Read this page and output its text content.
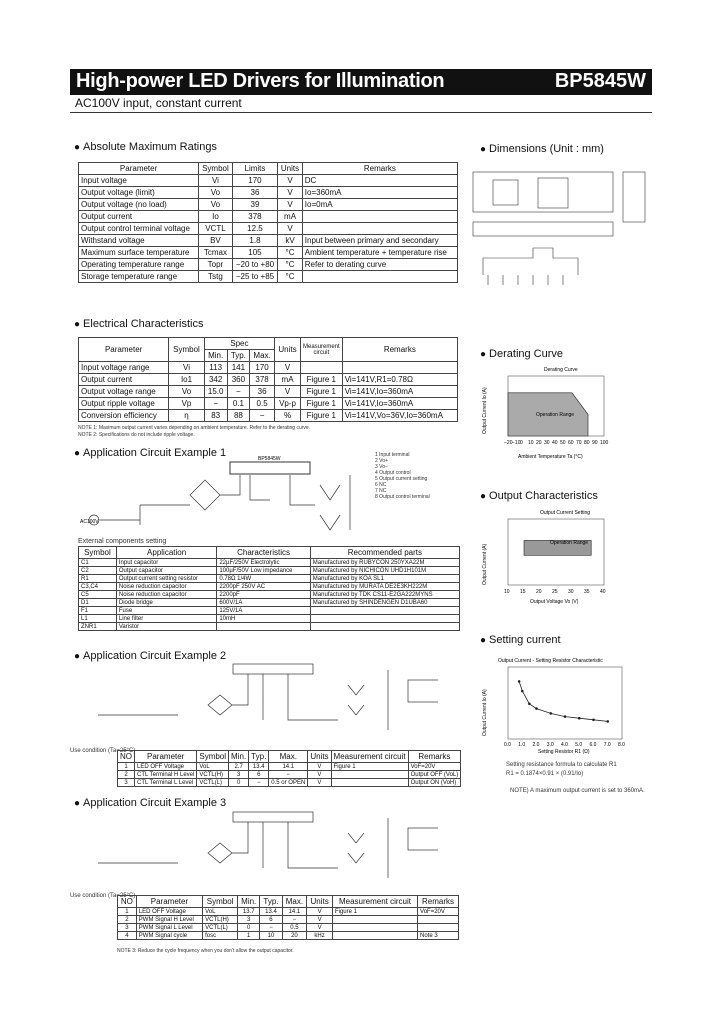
High-power LED Drivers for Illumination	BP5845W
AC100V input, constant current
● Absolute Maximum Ratings
Parameter	Symbol	Limits	Units	Remarks
Input voltage	Vi	170	V	DC
Output voltage (limit)	Vo	36	V	Io=360mA
Output voltage (no load)	Vo	39	V	Io=0mA
Output current	Io	378	mA	
Output control terminal voltage	VCTL	12.5	V	
Withstand voltage	BV	1.8	kV	Input between primary and secondary
Maximum surface temperature	Tcmax	105	°C	Ambient temperature + temperature rise
Operating temperature range	Topr	−20 to +80	°C	Refer to derating curve
Storage temperature range	Tstg	−25 to +85	°C	
● Electrical Characteristics
Parameter	Symbol	Spec			Units	Measurement circuit	Remarks
		Min.	Typ.	Max.			
Input voltage range	Vi	113	141	170	V		
Output current	Io1	342	360	378	mA	Figure 1	Vi=141V,R1=0.78Ω
Output voltage range	Vo	15.0	−	36	V	Figure 1	Vi=141V,Io=360mA
Output ripple voltage	Vp	−	0.1	0.5	Vp-p	Figure 1	Vi=141V,Io=360mA
Conversion efficiency	η	83	88	−	%	Figure 1	Vi=141V,Vo=36V,Io=360mA
NOTE 1: Maximum output current varies depending on ambient temperature. Refer to the derating curve.
NOTE 2: Specifications do not include ripple voltage.
● Application Circuit Example 1	BP5845W
AC100V
1 Input terminal
2 Vo+
3 Vo−
4 Output control
5 Output current setting
6 NC
7 NC
8 Output control terminal
External components setting
Symbol	Application	Characteristics	Recommended parts
C1	Input capacitor	22µF/250V Electrolytic	Manufactured by RUBYCON 250YXA22M
C2	Output capacitor	100µF/50V Low impedance	Manufactured by NICHICON UHD1H101M
R1	Output current setting resistor	0.78Ω 1/4W	Manufactured by KOA SL1
C3,C4	Noise reduction capacitor	2200pF 250V AC	Manufactured by MURATA DE2E3KH222M
C5	Noise reduction capacitor	2200pF	Manufactured by TDK CS11-E2GA222MYNS
D1	Diode bridge	600V/1A	Manufactured by SHINDENGEN D1UBA60
F1	Fuse	125V/1A	
L1	Line filter	10mH	
ZNR1	Varistor		
● Application Circuit Example 2
Use condition (Ta=25°C)
NO	Parameter	Symbol	Min.	Typ.	Max.	Units	Measurement circuit	Remarks
1	LED OFF Voltage	VoL	2.7	13.4	14.1	V	Figure 1	VoF=20V
2	CTL Terminal H Level	VCTL(H)	3	6	−	V		Output OFF (VoL)
3	CTL Terminal L Level	VCTL(L)	0	−	0.5 or OPEN	V		Output ON (VoH)
● Application Circuit Example 3
Use condition (Ta=25°C)
NO	Parameter	Symbol	Min.	Typ.	Max.	Units	Measurement circuit	Remarks
1	LED OFF Voltage	VoL	13.7	13.4	14.1	V	Figure 1	VoF=20V
2	PWM Signal H Level	VCTL(H)	3	6	−	V		
3	PWM Signal L Level	VCTL(L)	0	−	0.5	V		
4	PWM Signal cycle	fosc	1	10	20	kHz		Note 3
NOTE 3: Reduce the cycle frequency when you don't allow the output capacitor.
● Dimensions (Unit : mm)
● Derating Curve
Derating Curve
Operation Range
−20 −10 0 10 20 30 40 50 60 70 80 90 100
Ambient Temperature Ta (°C)
Output Current Io (A)
● Output Characteristics
Output Current Setting
Operation Range
10 15 20 25 30 35 40
Output Voltage Vo (V)
Output Current (A)
● Setting current
Output Current - Setting Resistor Characteristic
0.0 1.0 2.0 3.0 4.0 5.0 6.0 7.0 8.0
Setting Resistor R1 (Ω)
Output Current Io (A)
Setting resistance formula to calculate R1
R1 = 0.1874×0.91 × (0.91/Io)
NOTE) A maximum output current is set to 360mA.
